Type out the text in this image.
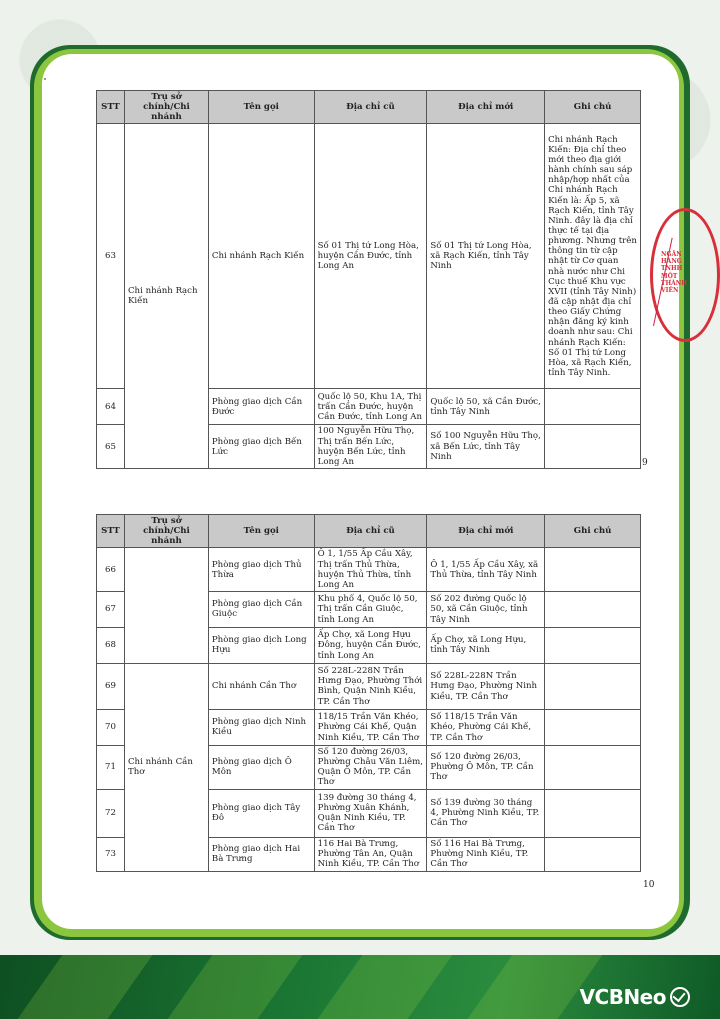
STT	Trụ sở chính/Chi nhánh	Tên gọi	Địa chỉ cũ	Địa chỉ mới	Ghi chú
63	Chi nhánh Rạch Kiến	Chi nhánh Rạch Kiến	Số 01 Thị tứ Long Hòa, huyện Cần Đước, tỉnh Long An	Số 01 Thị tứ Long Hòa, xã Rạch Kiến, tỉnh Tây Ninh	Chi nhánh Rạch Kiến: Địa chỉ theo mới theo địa giới hành chính sau sáp nhập/hợp nhất của Chi nhánh Rạch Kiến là: Ấp 5, xã Rạch Kiến, tỉnh Tây Ninh. đây là địa chỉ thực tế tại địa phương. Nhưng trên thông tin từ cập nhật từ Cơ quan nhà nước như Chi Cục thuế Khu vực XVII (tỉnh Tây Ninh) đã cập nhật địa chỉ theo Giấy Chứng nhận đăng ký kinh doanh như sau: Chi nhánh Rạch Kiến: Số 01 Thị tứ Long Hòa, xã Rạch Kiến, tỉnh Tây Ninh.
64		Phòng giao dịch Cần Đước	Quốc lộ 50, Khu 1A, Thị trấn Cần Đước, huyện Cần Đước, tỉnh Long An	Quốc lộ 50, xã Cần Đước, tỉnh Tây Ninh	
65		Phòng giao dịch Bến Lức	100 Nguyễn Hữu Thọ, Thị trấn Bến Lức, huyện Bến Lức, tỉnh Long An	Số 100 Nguyễn Hữu Thọ, xã Bến Lức, tỉnh Tây Ninh	
9
NGÂN
HÀNG
TNHH
MỘT
THÀNH
VIÊN
STT	Trụ sở chính/Chi nhánh	Tên gọi	Địa chỉ cũ	Địa chỉ mới	Ghi chú
66		Phòng giao dịch Thủ Thừa	Ô 1, 1/55 Ấp Cầu Xây, Thị trấn Thủ Thừa, huyện Thủ Thừa, tỉnh Long An	Ô 1, 1/55 Ấp Cầu Xây, xã Thủ Thừa, tỉnh Tây Ninh	
67		Phòng giao dịch Cần Giuộc	Khu phố 4, Quốc lộ 50, Thị trấn Cần Giuộc, tỉnh Long An	Số 202 đường Quốc lộ 50, xã Cần Giuộc, tỉnh Tây Ninh	
68		Phòng giao dịch Long Hựu	Ấp Chợ, xã Long Hựu Đông, huyện Cần Đước, tỉnh Long An	Ấp Chợ, xã Long Hựu, tỉnh Tây Ninh	
69	Chi nhánh Cần Thơ	Chi nhánh Cần Thơ	Số 228L-228N Trần Hưng Đạo, Phường Thới Bình, Quận Ninh Kiều, TP. Cần Thơ	Số 228L-228N Trần Hưng Đạo, Phường Ninh Kiều, TP. Cần Thơ	
70		Phòng giao dịch Ninh Kiều	118/15 Trần Văn Khéo, Phường Cái Khế, Quận Ninh Kiều, TP. Cần Thơ	Số 118/15 Trần Văn Khéo, Phường Cái Khế, TP. Cần Thơ	
71		Phòng giao dịch Ô Môn	Số 120 đường 26/03, Phường Châu Văn Liêm, Quận Ô Môn, TP. Cần Thơ	Số 120 đường 26/03, Phường Ô Môn, TP. Cần Thơ	
72		Phòng giao dịch Tây Đô	139 đường 30 tháng 4, Phường Xuân Khánh, Quận Ninh Kiều, TP. Cần Thơ	Số 139 đường 30 tháng 4, Phường Ninh Kiều, TP. Cần Thơ	
73		Phòng giao dịch Hai Bà Trưng	116 Hai Bà Trưng, Phường Tân An, Quận Ninh Kiều, TP. Cần Thơ	Số 116 Hai Bà Trưng, Phường Ninh Kiều, TP. Cần Thơ	
10
VCBNeo
